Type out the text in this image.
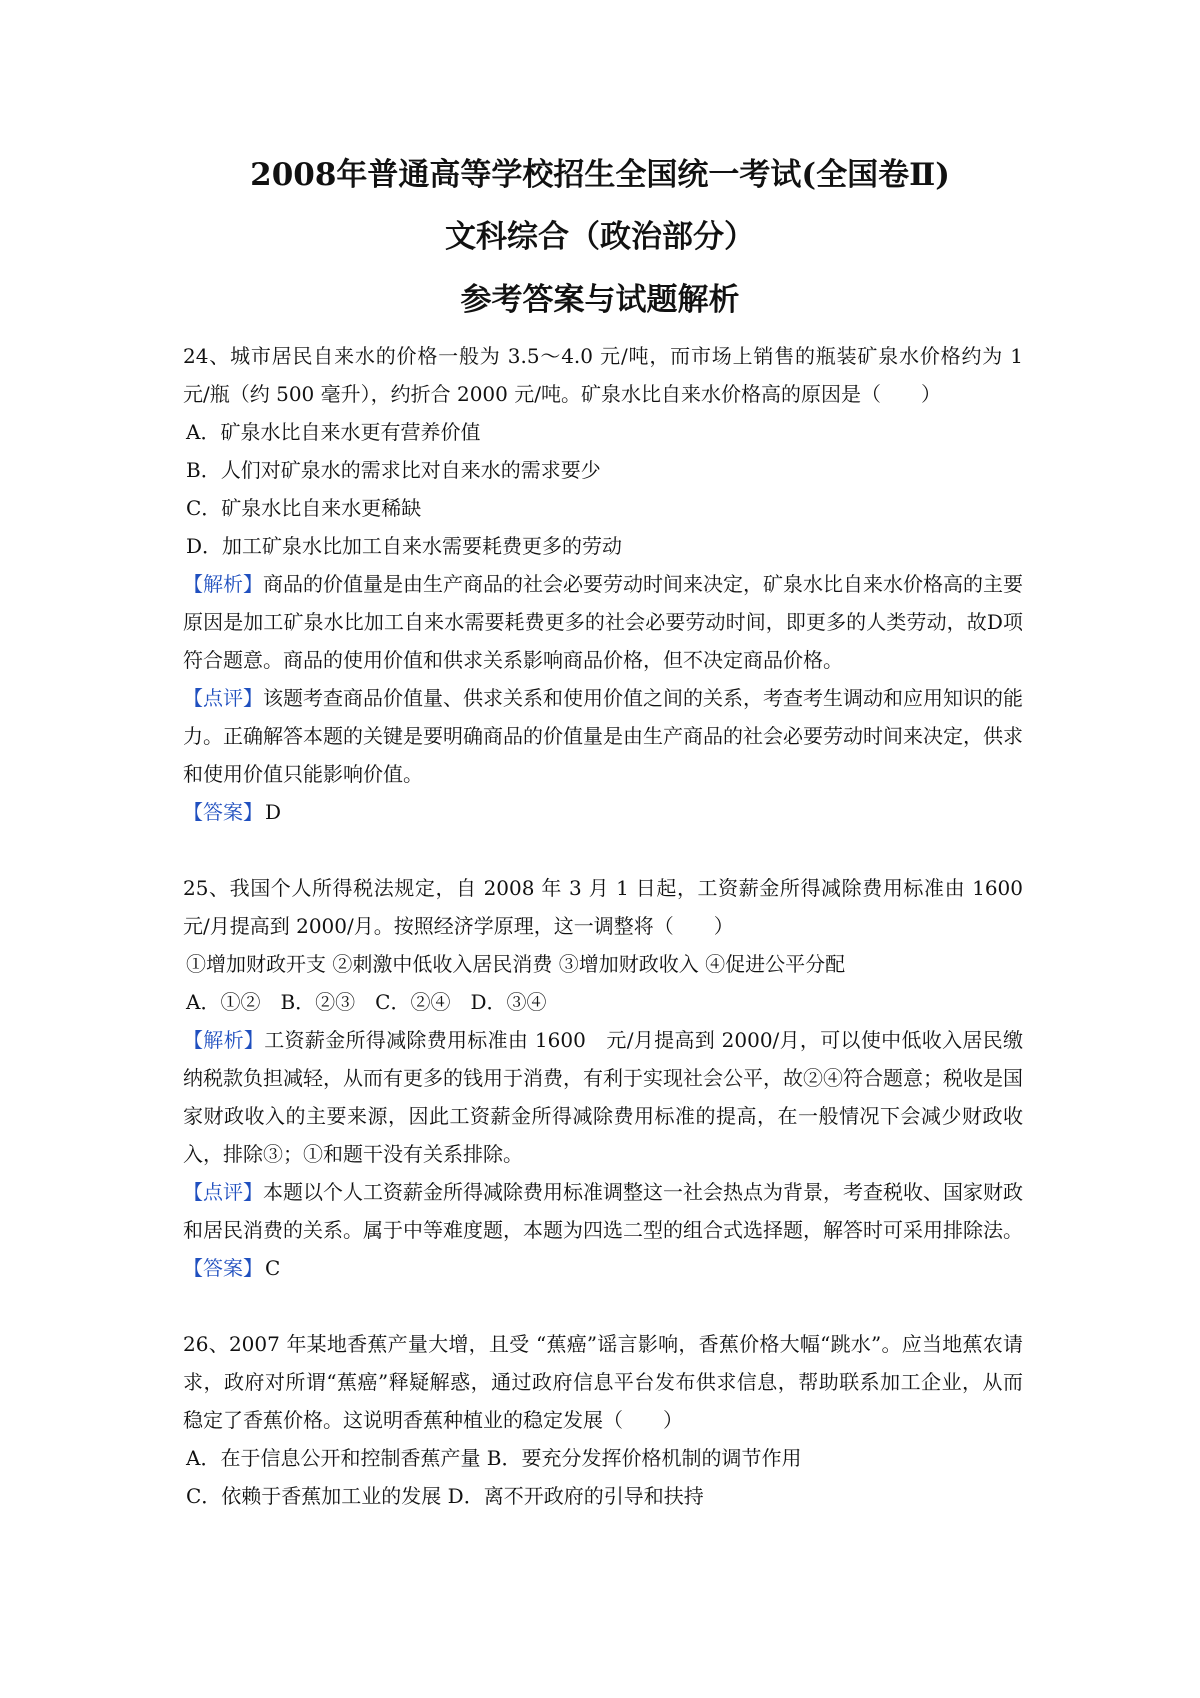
2008年普通高等学校招生全国统一考试(全国卷Ⅱ)
文科综合（政治部分）
参考答案与试题解析

24、城市居民自来水的价格一般为 3.5～4.0 元/吨，而市场上销售的瓶装矿泉水价格约为 1 元/瓶（约 500 毫升），约折合 2000 元/吨。矿泉水比自来水价格高的原因是（　　）

A．矿泉水比自来水更有营养价值

B．人们对矿泉水的需求比对自来水的需求要少

C．矿泉水比自来水更稀缺

D．加工矿泉水比加工自来水需要耗费更多的劳动

【解析】商品的价值量是由生产商品的社会必要劳动时间来决定，矿泉水比自来水价格高的主要原因是加工矿泉水比加工自来水需要耗费更多的社会必要劳动时间，即更多的人类劳动，故D项符合题意。商品的使用价值和供求关系影响商品价格，但不决定商品价格。

【点评】该题考查商品价值量、供求关系和使用价值之间的关系，考查考生调动和应用知识的能力。正确解答本题的关键是要明确商品的价值量是由生产商品的社会必要劳动时间来决定，供求和使用价值只能影响价值。

【答案】 D

25、我国个人所得税法规定，自 2008 年 3 月 1 日起，工资薪金所得减除费用标准由 1600　元/月提高到 2000/月。按照经济学原理，这一调整将（　　）

①增加财政开支 ②刺激中低收入居民消费 ③增加财政收入 ④促进公平分配

A．①②　B．②③　C．②④　D．③④

【解析】工资薪金所得减除费用标准由 1600　元/月提高到 2000/月，可以使中低收入居民缴纳税款负担减轻，从而有更多的钱用于消费，有利于实现社会公平，故②④符合题意；税收是国家财政收入的主要来源，因此工资薪金所得减除费用标准的提高，在一般情况下会减少财政收入，排除③；①和题干没有关系排除。

【点评】本题以个人工资薪金所得减除费用标准调整这一社会热点为背景，考查税收、国家财政和居民消费的关系。属于中等难度题，本题为四选二型的组合式选择题，解答时可采用排除法。

【答案】 C

26、2007 年某地香蕉产量大增，且受 “蕉癌”谣言影响，香蕉价格大幅“跳水”。应当地蕉农请求，政府对所谓“蕉癌”释疑解惑，通过政府信息平台发布供求信息，帮助联系加工企业，从而稳定了香蕉价格。这说明香蕉种植业的稳定发展（　　）

A．在于信息公开和控制香蕉产量 B．要充分发挥价格机制的调节作用

C．依赖于香蕉加工业的发展 D．离不开政府的引导和扶持
